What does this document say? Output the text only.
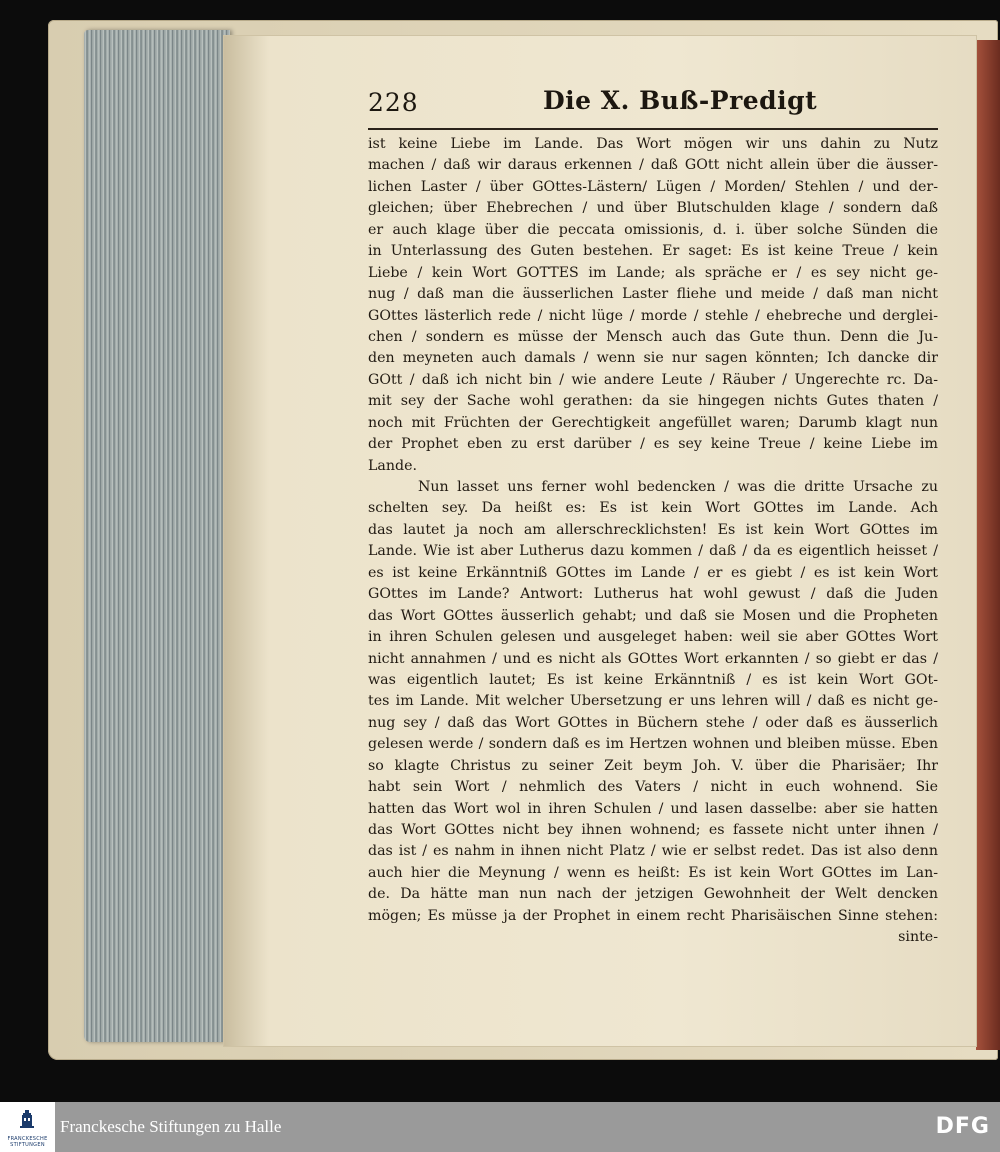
228	Die X. Buß-Predigt
ist keine Liebe im Lande. Das Wort mögen wir uns dahin zu Nutz
machen / daß wir daraus erkennen / daß GOtt nicht allein über die äusser-
lichen Laster / über GOttes-Lästern/ Lügen / Morden/ Stehlen / und der-
gleichen; über Ehebrechen / und über Blutschulden klage / sondern daß
er auch klage über die peccata omissionis, d. i. über solche Sünden die
in Unterlassung des Guten bestehen. Er saget: Es ist keine Treue / kein
Liebe / kein Wort GOTTES im Lande; als spräche er / es sey nicht ge-
nug / daß man die äusserlichen Laster fliehe und meide / daß man nicht
GOttes lästerlich rede / nicht lüge / morde / stehle / ehebreche und derglei-
chen / sondern es müsse der Mensch auch das Gute thun. Denn die Ju-
den meyneten auch damals / wenn sie nur sagen könnten; Ich dancke dir
GOtt / daß ich nicht bin / wie andere Leute / Räuber / Ungerechte rc. Da-
mit sey der Sache wohl gerathen: da sie hingegen nichts Gutes thaten /
noch mit Früchten der Gerechtigkeit angefüllet waren; Darumb klagt nun
der Prophet eben zu erst darüber / es sey keine Treue / keine Liebe im
Lande.
Nun lasset uns ferner wohl bedencken / was die dritte Ursache zu
schelten sey. Da heißt es: Es ist kein Wort GOttes im Lande. Ach
das lautet ja noch am allerschrecklichsten! Es ist kein Wort GOttes im
Lande. Wie ist aber Lutherus dazu kommen / daß / da es eigentlich heisset /
es ist keine Erkänntniß GOttes im Lande / er es giebt / es ist kein Wort
GOttes im Lande? Antwort: Lutherus hat wohl gewust / daß die Juden
das Wort GOttes äusserlich gehabt; und daß sie Mosen und die Propheten
in ihren Schulen gelesen und ausgeleget haben: weil sie aber GOttes Wort
nicht annahmen / und es nicht als GOttes Wort erkannten / so giebt er das /
was eigentlich lautet; Es ist keine Erkänntniß / es ist kein Wort GOt-
tes im Lande. Mit welcher Ubersetzung er uns lehren will / daß es nicht ge-
nug sey / daß das Wort GOttes in Büchern stehe / oder daß es äusserlich
gelesen werde / sondern daß es im Hertzen wohnen und bleiben müsse. Eben
so klagte Christus zu seiner Zeit beym Joh. V. über die Pharisäer; Ihr
habt sein Wort / nehmlich des Vaters / nicht in euch wohnend. Sie
hatten das Wort wol in ihren Schulen / und lasen dasselbe: aber sie hatten
das Wort GOttes nicht bey ihnen wohnend; es fassete nicht unter ihnen /
das ist / es nahm in ihnen nicht Platz / wie er selbst redet. Das ist also denn
auch hier die Meynung / wenn es heißt: Es ist kein Wort GOttes im Lan-
de. Da hätte man nun nach der jetzigen Gewohnheit der Welt dencken
mögen; Es müsse ja der Prophet in einem recht Pharisäischen Sinne stehen:
sinte-
FRANCKESCHE STIFTUNGEN
Franckesche Stiftungen zu Halle	DFG
